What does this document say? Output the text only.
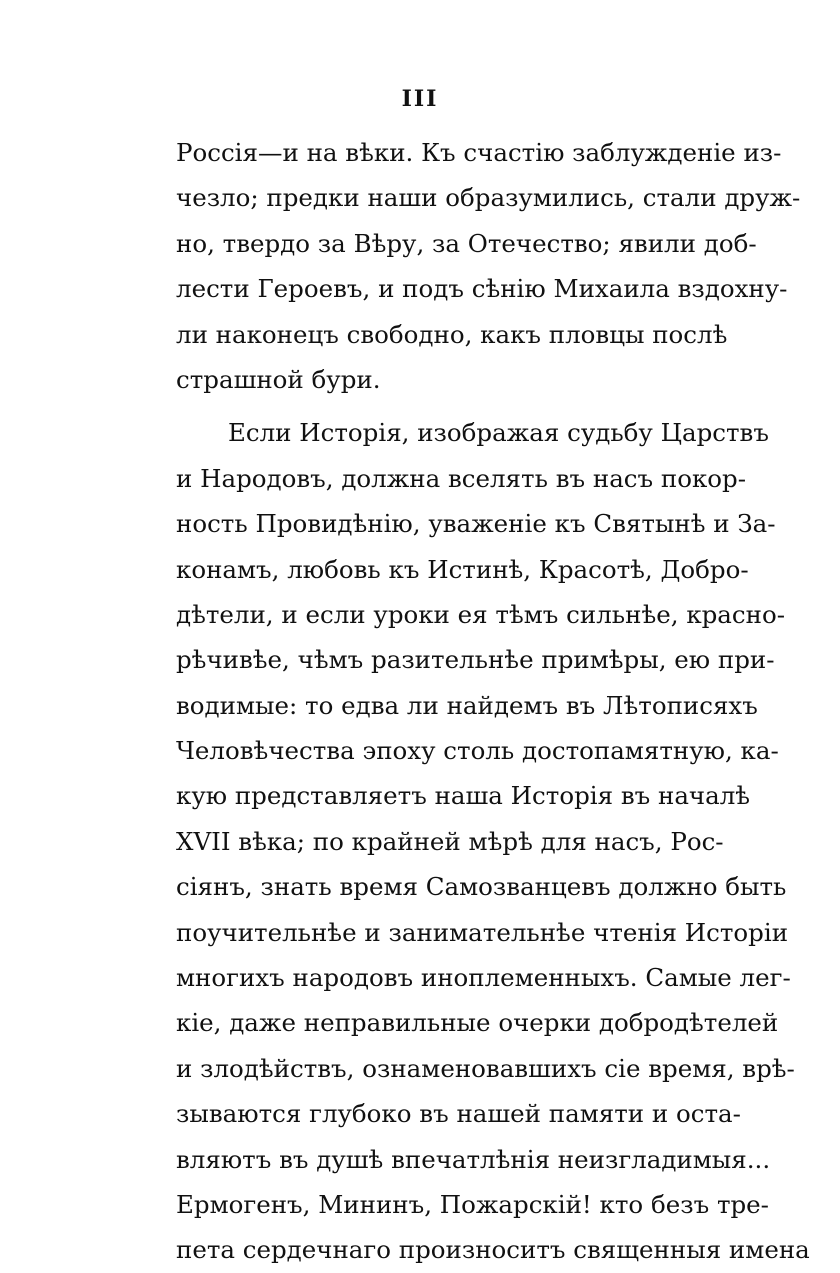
III
Россія—и на вѣки. Къ счастію заблужденіе из-
чезло; предки наши образумились, стали друж-
но, твердо за Вѣру, за Отечество; явили доб-
лести Героевъ, и подъ сѣнію Михаила вздохну-
ли наконецъ свободно, какъ пловцы послѣ
страшной бури.
Если Исторія, изображая судьбу Царствъ
и Народовъ, должна вселять въ насъ покор-
ность Провидѣнію, уваженіе къ Святынѣ и За-
конамъ, любовь къ Истинѣ, Красотѣ, Добро-
дѣтели, и если уроки ея тѣмъ сильнѣе, красно-
рѣчивѣе, чѣмъ разительнѣе примѣры, ею при-
водимые: то едва ли найдемъ въ Лѣтописяхъ
Человѣчества эпоху столь достопамятную, ка-
кую представляетъ наша Исторія въ началѣ
XVII вѣка; по крайней мѣрѣ для насъ, Рос-
сіянъ, знать время Самозванцевъ должно быть
поучительнѣе и занимательнѣе чтенія Исторіи
многихъ народовъ иноплеменныхъ. Самые лег-
кіе, даже неправильные очерки добродѣтелей
и злодѣйствъ, ознаменовавшихъ сіе время, врѣ-
зываются глубоко въ нашей памяти и оста-
вляютъ въ душѣ впечатлѣнія неизгладимыя...
Ермогенъ, Мининъ, Пожарскій! кто безъ тре-
пета сердечнаго произноситъ священныя имена
